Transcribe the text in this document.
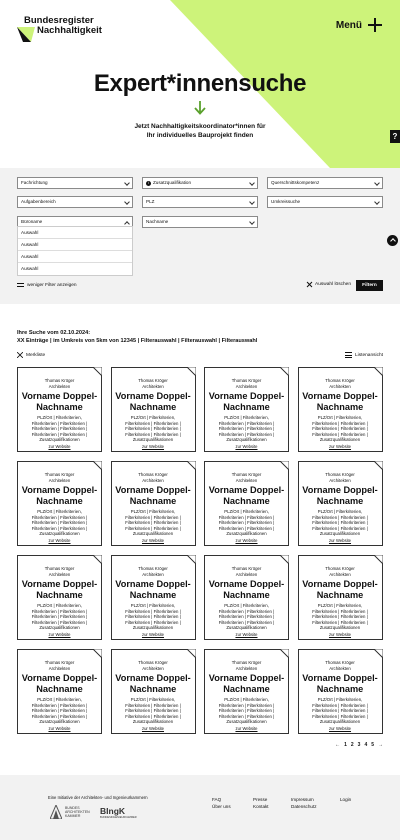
Bundesregister
Nachhaltigkeit	Menü
?
Expert*innensuche
Jetzt Nachhaltigkeitskoordinator*innen für
Ihr individuelles Bauprojekt finden
Fachrichtung	i Zusatzqualifikation	Querschnittskompetenz
Aufgabenbereich	PLZ	Umkreissuche
Büroname	Nachname
Auswahl
Auswahl
Auswahl
Auswahl
weniger Filter anzeigen	Auswahl löschen	Filtern
Ihre Suche vom 02.10.2024:
XX Einträge | im Umkreis von 5km von 12345 | Filterauswahl | Filterauswahl | Filterauswahl
Merkliste	Listenansicht
Thomas Kröger
Architekten
Vorname Doppel-
Nachname
PLZ/Ort | Filterkriterien,
Filterkriterien | Filterkriterien |
Filterkriterien | Filterkriterien |
Filterkriterien | Filterkriterien |
Zusatzqualifikationen
zur Website
Thomas Kröger
Architekten
Vorname Doppel-
Nachname
PLZ/Ort | Filterkriterien,
Filterkriterien | Filterkriterien |
Filterkriterien | Filterkriterien |
Filterkriterien | Filterkriterien |
Zusatzqualifikationen
zur Website
Thomas Kröger
Architekten
Vorname Doppel-
Nachname
PLZ/Ort | Filterkriterien,
Filterkriterien | Filterkriterien |
Filterkriterien | Filterkriterien |
Filterkriterien | Filterkriterien |
Zusatzqualifikationen
zur Website
Thomas Kröger
Architekten
Vorname Doppel-
Nachname
PLZ/Ort | Filterkriterien,
Filterkriterien | Filterkriterien |
Filterkriterien | Filterkriterien |
Filterkriterien | Filterkriterien |
Zusatzqualifikationen
zur Website
Thomas Kröger
Architekten
Vorname Doppel-
Nachname
PLZ/Ort | Filterkriterien,
Filterkriterien | Filterkriterien |
Filterkriterien | Filterkriterien |
Filterkriterien | Filterkriterien |
Zusatzqualifikationen
zur Website
Thomas Kröger
Architekten
Vorname Doppel-
Nachname
PLZ/Ort | Filterkriterien,
Filterkriterien | Filterkriterien |
Filterkriterien | Filterkriterien |
Filterkriterien | Filterkriterien |
Zusatzqualifikationen
zur Website
Thomas Kröger
Architekten
Vorname Doppel-
Nachname
PLZ/Ort | Filterkriterien,
Filterkriterien | Filterkriterien |
Filterkriterien | Filterkriterien |
Filterkriterien | Filterkriterien |
Zusatzqualifikationen
zur Website
Thomas Kröger
Architekten
Vorname Doppel-
Nachname
PLZ/Ort | Filterkriterien,
Filterkriterien | Filterkriterien |
Filterkriterien | Filterkriterien |
Filterkriterien | Filterkriterien |
Zusatzqualifikationen
zur Website
Thomas Kröger
Architekten
Vorname Doppel-
Nachname
PLZ/Ort | Filterkriterien,
Filterkriterien | Filterkriterien |
Filterkriterien | Filterkriterien |
Filterkriterien | Filterkriterien |
Zusatzqualifikationen
zur Website
Thomas Kröger
Architekten
Vorname Doppel-
Nachname
PLZ/Ort | Filterkriterien,
Filterkriterien | Filterkriterien |
Filterkriterien | Filterkriterien |
Filterkriterien | Filterkriterien |
Zusatzqualifikationen
zur Website
Thomas Kröger
Architekten
Vorname Doppel-
Nachname
PLZ/Ort | Filterkriterien,
Filterkriterien | Filterkriterien |
Filterkriterien | Filterkriterien |
Filterkriterien | Filterkriterien |
Zusatzqualifikationen
zur Website
Thomas Kröger
Architekten
Vorname Doppel-
Nachname
PLZ/Ort | Filterkriterien,
Filterkriterien | Filterkriterien |
Filterkriterien | Filterkriterien |
Filterkriterien | Filterkriterien |
Zusatzqualifikationen
zur Website
Thomas Kröger
Architekten
Vorname Doppel-
Nachname
PLZ/Ort | Filterkriterien,
Filterkriterien | Filterkriterien |
Filterkriterien | Filterkriterien |
Filterkriterien | Filterkriterien |
Zusatzqualifikationen
zur Website
Thomas Kröger
Architekten
Vorname Doppel-
Nachname
PLZ/Ort | Filterkriterien,
Filterkriterien | Filterkriterien |
Filterkriterien | Filterkriterien |
Filterkriterien | Filterkriterien |
Zusatzqualifikationen
zur Website
Thomas Kröger
Architekten
Vorname Doppel-
Nachname
PLZ/Ort | Filterkriterien,
Filterkriterien | Filterkriterien |
Filterkriterien | Filterkriterien |
Filterkriterien | Filterkriterien |
Zusatzqualifikationen
zur Website
Thomas Kröger
Architekten
Vorname Doppel-
Nachname
PLZ/Ort | Filterkriterien,
Filterkriterien | Filterkriterien |
Filterkriterien | Filterkriterien |
Filterkriterien | Filterkriterien |
Zusatzqualifikationen
zur Website
← 1 2 3 4 5 →
Eine Initiative der Architekten- und Ingenieurkammern
BUNDES
ARCHITEKTEN
KAMMER
BIngK
BUNDESINGENIEURKAMMER
FAQ
Über uns
Presse
Kontakt
Impressum
Datenschutz
Login
